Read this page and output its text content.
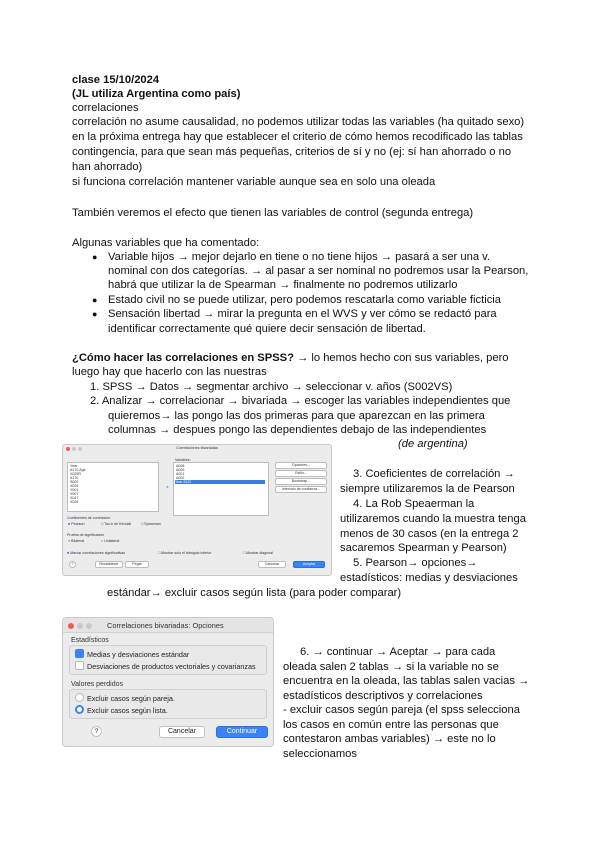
clase 15/10/2024
(JL utiliza Argentina como país)
correlaciones
correlación no asume causalidad, no podemos utilizar todas las variables (ha quitado sexo)
en la próxima entrega hay que establecer el criterio de cómo hemos recodificado las tablas
contingencia, para que sean más pequeñas, criterios de sí y no (ej: sí han ahorrado o no
han ahorrado)
si funciona correlación mantener variable aunque sea en solo una oleada
También veremos el efecto que tienen las variables de control (segunda entrega)
Algunas variables que ha comentado:
● Variable hijos → mejor dejarlo en tiene o no tiene hijos → pasará a ser una v.
nominal con dos categorías. → al pasar a ser nominal no podremos usar la Pearson,
habrá que utilizar la de Spearman → finalmente no podremos utilizarlo
● Estado civil no se puede utilizar, pero podemos rescatarla como variable ficticia
● Sensación libertad → mirar la pregunta en el WVS y ver cómo se redactó para
identificar correctamente qué quiere decir sensación de libertad.
¿Cómo hacer las correlaciones en SPSS? → lo hemos hecho con sus variables, pero
luego hay que hacerlo con las nuestras
1. SPSS → Datos → segmentar archivo → seleccionar v. años (S002VS)
2. Analizar → correlacionar → bivariada → escoger las variables independientes que
quieremos→ las pongo las dos primeras para que aparezcan en las primera
columnas → despues pongo las dependientes debajo de las independientes
(de argentina)
Correlaciones bivariadas
Year
A170 Age
X025R
A170
S002
X025
Y001
X007
X047
X028
Variables:
➤
A008
A009
A001
A002
Year 2022
Opciones...
Estilo...
Bootstrap...
Intervalo de confianza...
Coeficientes de correlación
■ Pearson	□ Tau-b de Kendall	□ Spearman
Prueba de significación
● Bilateral	○ Unilateral
■ Marcar correlaciones significativas	□ Mostrar solo el triángulo inferior	□ Mostrar diagonal
?	Restablecer	Pegar	Cancelar	Aceptar
3. Coeficientes de correlación →
siempre utilizaremos la de Pearson
4. La Rob Speaerman la
utilizaremos cuando la muestra tenga
menos de 30 casos (en la entrega 2
sacaremos Spearman y Pearson)
5. Pearson→ opciones→
estadísticos: medias y desviaciones
estándar→ excluir casos según lista (para poder comparar)
Correlaciones bivariadas: Opciones
Estadísticos
Medias y desviaciones estándar
Desviaciones de productos vectoriales y covarianzas
Valores perdidos
Excluir casos según pareja.
Excluir casos según lista.
?	Cancelar	Continuar
6. → continuar → Aceptar → para cada
oleada salen 2 tablas → si la variable no se
encuentra en la oleada, las tablas salen vacias →
estadísticos descriptivos y correlaciones
- excluir casos según pareja (el spss selecciona
los casos en común entre las personas que
contestaron ambas variables) → este no lo
seleccionamos
